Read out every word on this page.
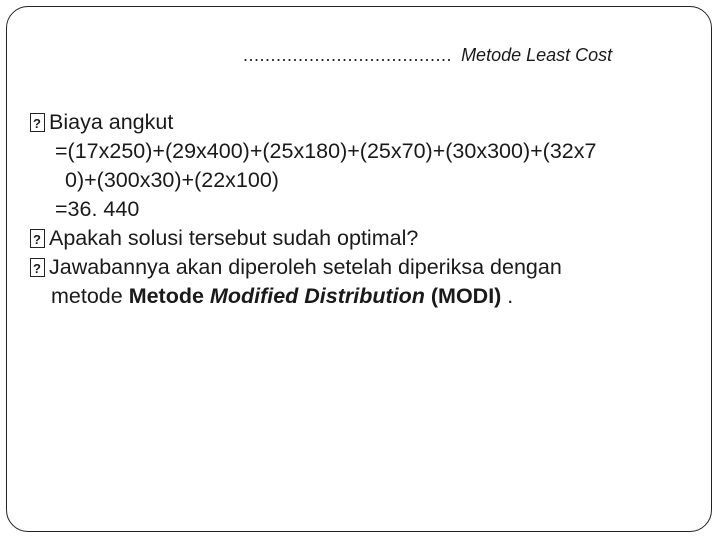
...................................... Metode Least Cost
?Biaya angkut
=(17x250)+(29x400)+(25x180)+(25x70)+(30x300)+(32x7
0)+(300x30)+(22x100)
=36. 440
?Apakah solusi tersebut sudah optimal?
?Jawabannya akan diperoleh setelah diperiksa dengan
metode Metode Modified Distribution (MODI) .
